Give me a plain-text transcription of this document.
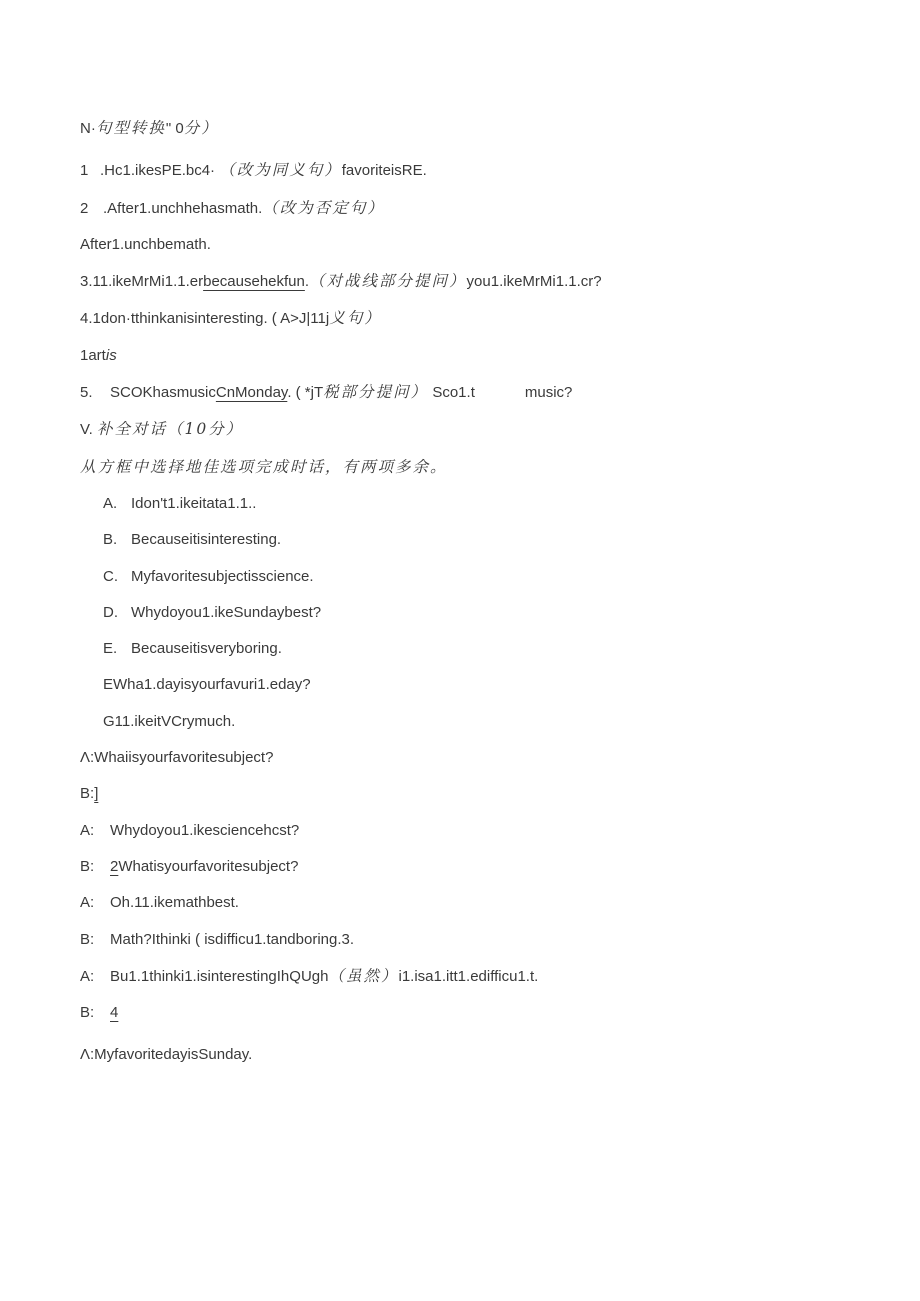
N·句型转换" 0分）

1 .Hc1.ikesPE.bc4· （改为同义句）favoriteisRE.

2 .After1.unchhehasmath.（改为否定句）

After1.unchbemath.

3.11.ikeMrMi1.1.erbecausehekfun.（对战线部分提问）you1.ikeMrMi1.1.cr?

4.1don·tthinkanisinteresting. ( A>J|11j义句）

1artis

5. SCOKhasmusicCnMonday. ( *jT税部分提问） Sco1.t	music?

V. 补全对话（10分）

从方框中选择地佳选项完成时话，有两项多余。

A. Idon't1.ikeitata1.1..

B. Becauseitisinteresting.

C. Myfavoritesubjectisscience.

D. Whydoyou1.ikeSundaybest?

E. Becauseitisveryboring.

EWha1.dayisyourfavuri1.eday?

G11.ikeitVCrymuch.

Λ:Whaiisyourfavoritesubject?

B:]

A: Whydoyou1.ikesciencehcst?

B: 2Whatisyourfavoritesubject?

A: Oh.11.ikemathbest.

B: Math?Ithinki ( isdifficu1.tandboring.3.

A: Bu1.1thinki1.isinterestingIhQUgh（虽然）i1.isa1.itt1.edifficu1.t.

B: 4

Λ:MyfavoritedayisSunday.
